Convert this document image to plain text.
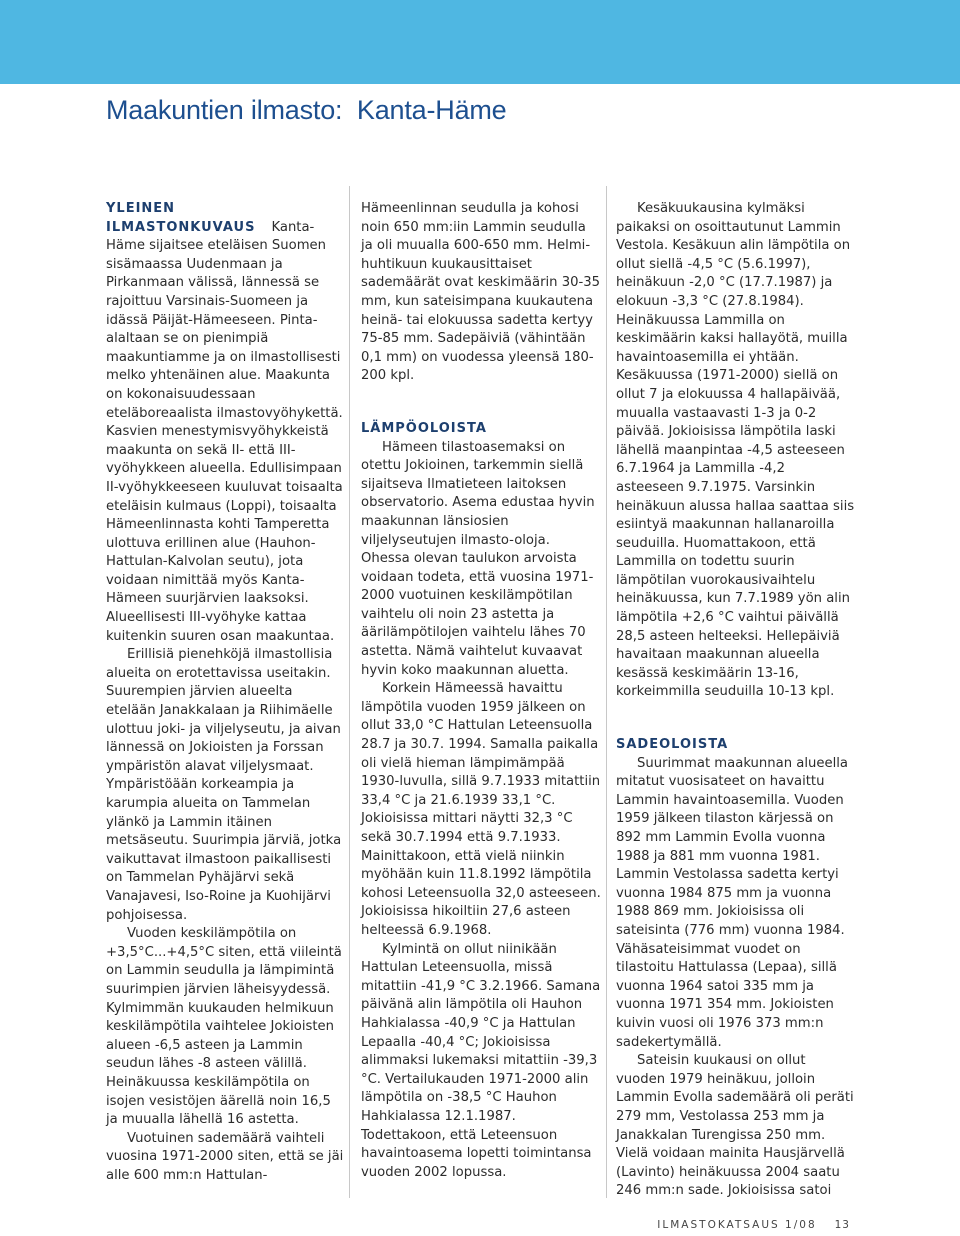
Maakuntien ilmasto:  Kanta-Häme
YLEINEN ILMASTONKUVAUS Kanta-Häme sijaitsee eteläisen Suomen sisämaassa Uudenmaan ja Pirkanmaan välissä, lännessä se rajoittuu Varsinais-Suomeen ja idässä Päijät-Hämeeseen. Pinta-alaltaan se on pienimpiä maakuntiamme ja on ilmastollisesti melko yhtenäinen alue. Maakunta on kokonaisuudessaan eteläboreaalista ilmastovyöhykettä. Kasvien menestymisvyöhykkeistä maakunta on sekä II- että III-vyöhykkeen alueella. Edullisimpaan II-vyöhykkeeseen kuuluvat toisaalta eteläisin kulmaus (Loppi), toisaalta Hämeenlinnasta kohti Tamperetta ulottuva erillinen alue (Hauhon-Hattulan-Kalvolan seutu), jota voidaan nimittää myös Kanta-Hämeen suurjärvien laaksoksi. Alueellisesti III-vyöhyke kattaa kuitenkin suuren osan maakuntaa.

Erillisiä pienehköjä ilmastollisia alueita on erotettavissa useitakin. Suurempien järvien alueelta etelään Janakkalaan ja Riihimäelle ulottuu joki- ja viljelyseutu, ja aivan lännessä on Jokioisten ja Forssan ympäristön alavat viljelysmaat. Ympäristöään korkeampia ja karumpia alueita on Tammelan ylänkö ja Lammin itäinen metsäseutu. Suurimpia järviä, jotka vaikuttavat ilmastoon paikallisesti on Tammelan Pyhäjärvi sekä Vanajavesi, Iso-Roine ja Kuohijärvi pohjoisessa.

Vuoden keskilämpötila on +3,5°C...+4,5°C siten, että viileintä on Lammin seudulla ja lämpimintä suurimpien järvien läheisyydessä. Kylmimmän kuukauden helmikuun keskilämpötila vaihtelee Jokioisten alueen -6,5 asteen ja Lammin seudun lähes -8 asteen välillä. Heinäkuussa keskilämpötila on isojen vesistöjen äärellä noin 16,5 ja muualla lähellä 16 astetta.

Vuotuinen sademäärä vaihteli vuosina 1971-2000 siten, että se jäi alle 600 mm:n Hattulan-

Hämeenlinnan seudulla ja kohosi noin 650 mm:iin Lammin seudulla ja oli muualla 600-650 mm. Helmi-huhtikuun kuukausittaiset sademäärät ovat keskimäärin 30-35 mm, kun sateisimpana kuukautena heinä- tai elokuussa sadetta kertyy 75-85 mm. Sadepäiviä (vähintään 0,1 mm) on vuodessa yleensä 180-200 kpl.

LÄMPÖOLOISTA

Hämeen tilastoasemaksi on otettu Jokioinen, tarkemmin siellä sijaitseva Ilmatieteen laitoksen observatorio. Asema edustaa hyvin maakunnan länsiosien viljelyseutujen ilmasto-oloja. Ohessa olevan taulukon arvoista voidaan todeta, että vuosina 1971-2000 vuotuinen keskilämpötilan vaihtelu oli noin 23 astetta ja äärilämpötilojen vaihtelu lähes 70 astetta. Nämä vaihtelut kuvaavat hyvin koko maakunnan aluetta.

Korkein Hämeessä havaittu lämpötila vuoden 1959 jälkeen on ollut 33,0 °C Hattulan Leteensuolla 28.7 ja 30.7. 1994. Samalla paikalla oli vielä hieman lämpimämpää 1930-luvulla, sillä 9.7.1933 mitattiin 33,4 °C ja 21.6.1939 33,1 °C. Jokioisissa mittari näytti 32,3 °C sekä 30.7.1994 että 9.7.1933. Mainittakoon, että vielä niinkin myöhään kuin 11.8.1992 lämpötila kohosi Leteensuolla 32,0 asteeseen. Jokioisissa hikoiltiin 27,6 asteen helteessä 6.9.1968.

Kylmintä on ollut niinikään Hattulan Leteensuolla, missä mitattiin -41,9 °C 3.2.1966. Samana päivänä alin lämpötila oli Hauhon Hahkialassa -40,9 °C ja Hattulan Lepaalla -40,4 °C; Jokioisissa alimmaksi lukemaksi mitattiin -39,3 °C. Vertailukauden 1971-2000 alin lämpötila on -38,5 °C Hauhon Hahkialassa 12.1.1987. Todettakoon, että Leteensuon havaintoasema lopetti toimintansa vuoden 2002 lopussa.

Kesäkuukausina kylmäksi paikaksi on osoittautunut Lammin Vestola. Kesäkuun alin lämpötila on ollut siellä -4,5 °C (5.6.1997), heinäkuun -2,0 °C (17.7.1987) ja elokuun -3,3 °C (27.8.1984). Heinäkuussa Lammilla on keskimäärin kaksi hallayötä, muilla havaintoasemilla ei yhtään. Kesäkuussa (1971-2000) siellä on ollut 7 ja elokuussa 4 hallapäivää, muualla vastaavasti 1-3 ja 0-2 päivää. Jokioisissa lämpötila laski lähellä maanpintaa -4,5 asteeseen 6.7.1964 ja Lammilla -4,2 asteeseen 9.7.1975. Varsinkin heinäkuun alussa hallaa saattaa siis esiintyä maakunnan hallanaroilla seuduilla. Huomattakoon, että Lammilla on todettu suurin lämpötilan vuorokausivaihtelu heinäkuussa, kun 7.7.1989 yön alin lämpötila +2,6 °C vaihtui päivällä 28,5 asteen helteeksi. Hellepäiviä havaitaan maakunnan alueella kesässä keskimäärin 13-16, korkeimmilla seuduilla 10-13 kpl.

SADEOLOISTA

Suurimmat maakunnan alueella mitatut vuosisateet on havaittu Lammin havaintoasemilla. Vuoden 1959 jälkeen tilaston kärjessä on 892 mm Lammin Evolla vuonna 1988 ja 881 mm vuonna 1981. Lammin Vestolassa sadetta kertyi vuonna 1984 875 mm ja vuonna 1988 869 mm. Jokioisissa oli sateisinta (776 mm) vuonna 1984. Vähäsateisimmat vuodet on tilastoitu Hattulassa (Lepaa), sillä vuonna 1964 satoi 335 mm ja vuonna 1971 354 mm. Jokioisten kuivin vuosi oli 1976 373 mm:n sadekertymällä.

Sateisin kuukausi on ollut vuoden 1979 heinäkuu, jolloin Lammin Evolla sademäärä oli peräti 279 mm, Vestolassa 253 mm ja Janakkalan Turengissa 250 mm. Vielä voidaan mainita Hausjärvellä (Lavinto) heinäkuussa 2004 saatu 246 mm:n sade. Jokioisissa satoi

ILMASTOKATSAUS 1/08 13
